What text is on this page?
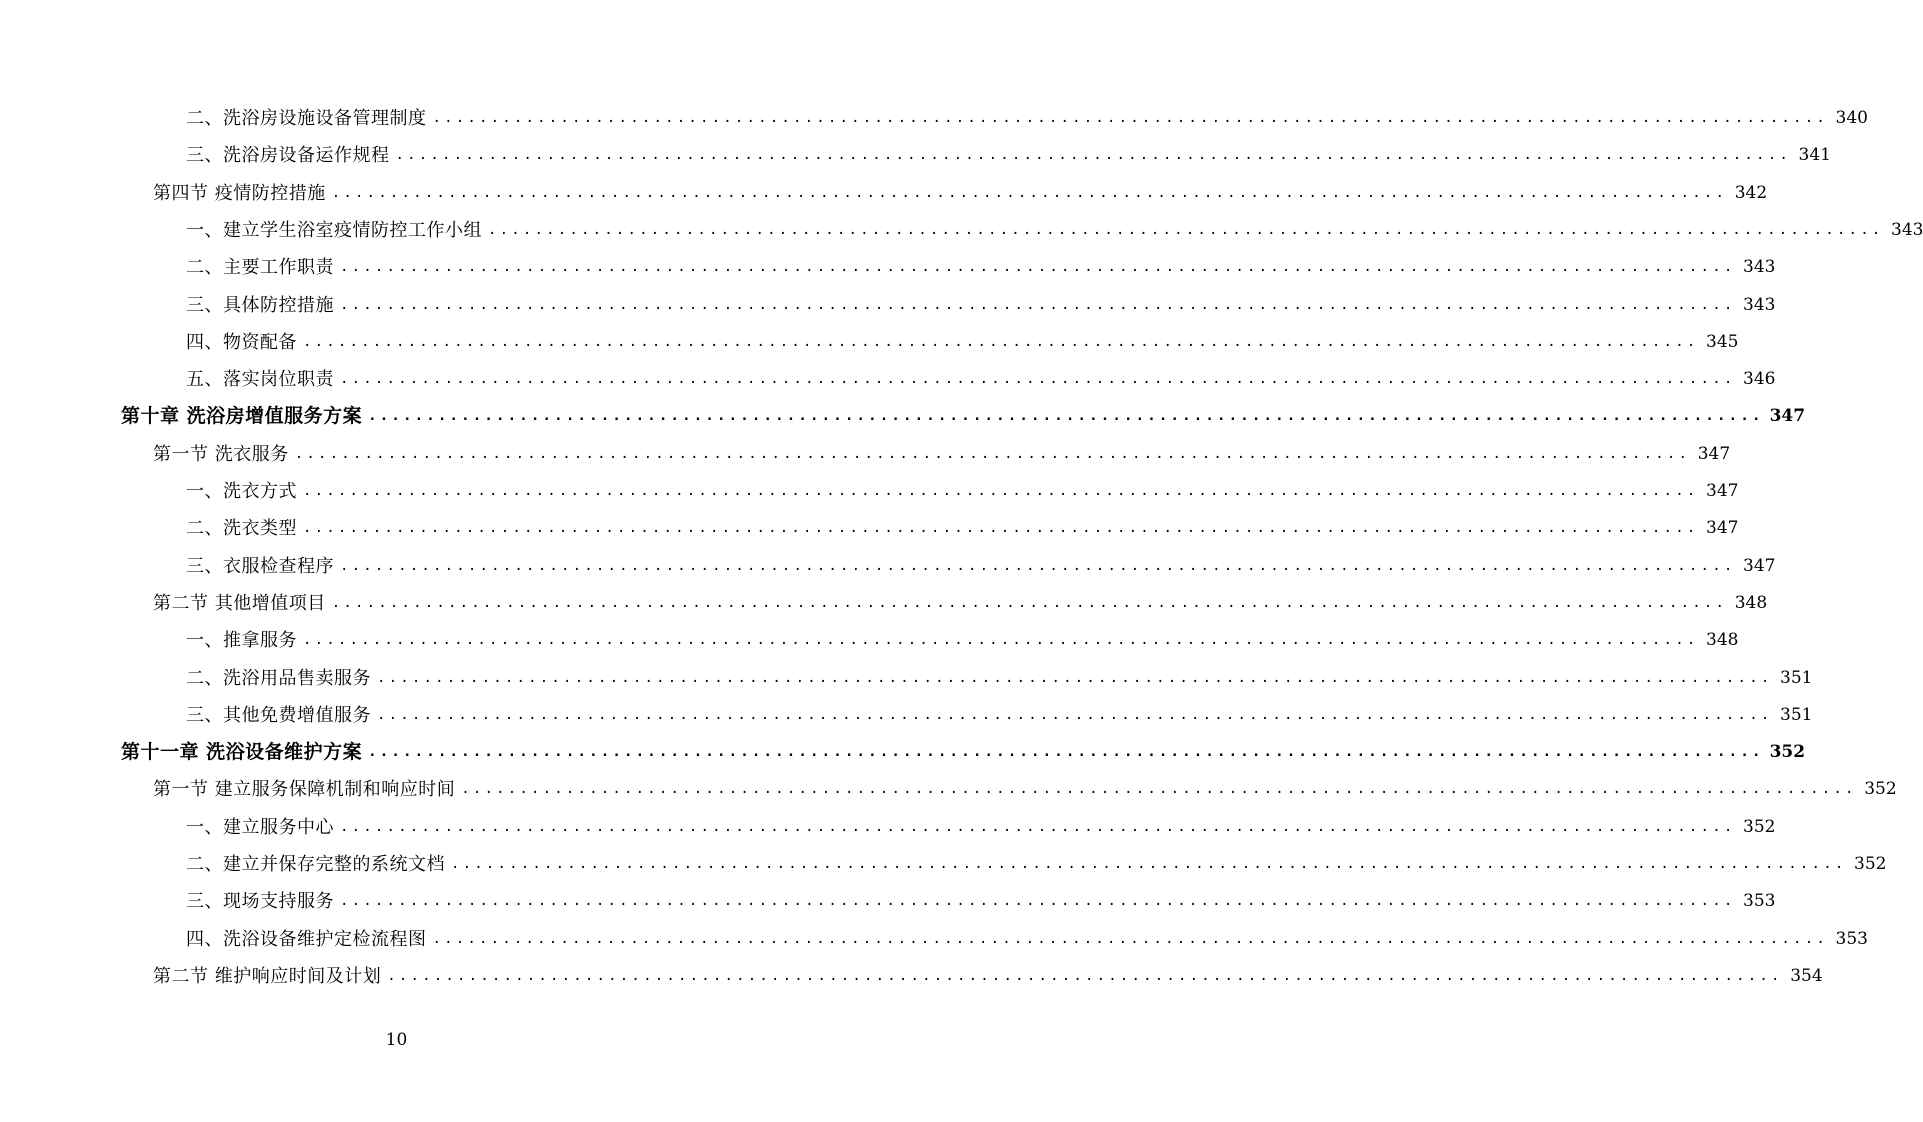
二、洗浴房设施设备管理制度 ........................................................................................................................ 340
三、洗浴房设备运作规程 ........................................................................................................................ 341
第四节 疫情防控措施 ........................................................................................................................ 342
一、建立学生浴室疫情防控工作小组 ........................................................................................................................ 343
二、主要工作职责 ........................................................................................................................ 343
三、具体防控措施 ........................................................................................................................ 343
四、物资配备 ........................................................................................................................ 345
五、落实岗位职责 ........................................................................................................................ 346
第十章 洗浴房增值服务方案 ........................................................................................................................ 347
第一节 洗衣服务 ........................................................................................................................ 347
一、洗衣方式 ........................................................................................................................ 347
二、洗衣类型 ........................................................................................................................ 347
三、衣服检查程序 ........................................................................................................................ 347
第二节 其他增值项目 ........................................................................................................................ 348
一、推拿服务 ........................................................................................................................ 348
二、洗浴用品售卖服务 ........................................................................................................................ 351
三、其他免费增值服务 ........................................................................................................................ 351
第十一章 洗浴设备维护方案 ........................................................................................................................ 352
第一节 建立服务保障机制和响应时间 ........................................................................................................................ 352
一、建立服务中心 ........................................................................................................................ 352
二、建立并保存完整的系统文档 ........................................................................................................................ 352
三、现场支持服务 ........................................................................................................................ 353
四、洗浴设备维护定检流程图 ........................................................................................................................ 353
第二节 维护响应时间及计划 ........................................................................................................................ 354
10
